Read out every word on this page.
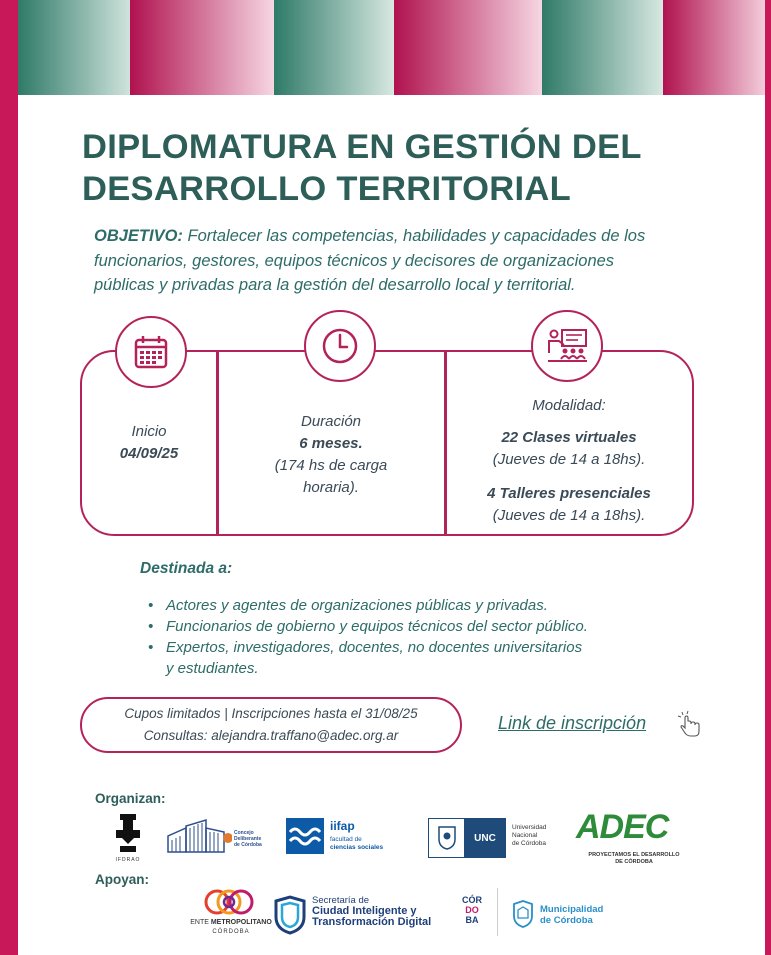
DIPLOMATURA EN GESTIÓN DEL
DESARROLLO TERRITORIAL
OBJETIVO: Fortalecer las competencias, habilidades y capacidades de los
funcionarios, gestores, equipos técnicos y decisores de organizaciones
públicas y privadas para la gestión del desarrollo local y territorial.
Inicio
04/09/25
Duración
6 meses.
(174 hs de carga
horaria).
Modalidad:
22 Clases virtuales
(Jueves de 14 a 18hs).
4 Talleres presenciales
(Jueves de 14 a 18hs).
Destinada a:
• Actores y agentes de organizaciones públicas y privadas.
• Funcionarios de gobierno y equipos técnicos del sector público.
• Expertos, investigadores, docentes, no docentes universitarios
y estudiantes.
Cupos limitados | Inscripciones hasta el 31/08/25
Consultas: alejandra.traffano@adec.org.ar
Link de inscripción
Organizan:
IFDRAO
Concejo
Deliberante
de Córdoba
iifap
facultad de
ciencias sociales
UNC
Universidad
Nacional
de Córdoba ADEC
PROYECTAMOS EL DESARROLLO
DE CÓRDOBA
Apoyan:
ENTE METROPOLITANO
CÓRDOBA
Secretaría de
Ciudad Inteligente y
Transformación Digital
CÓR
DO
BA
Municipalidad
de Córdoba
